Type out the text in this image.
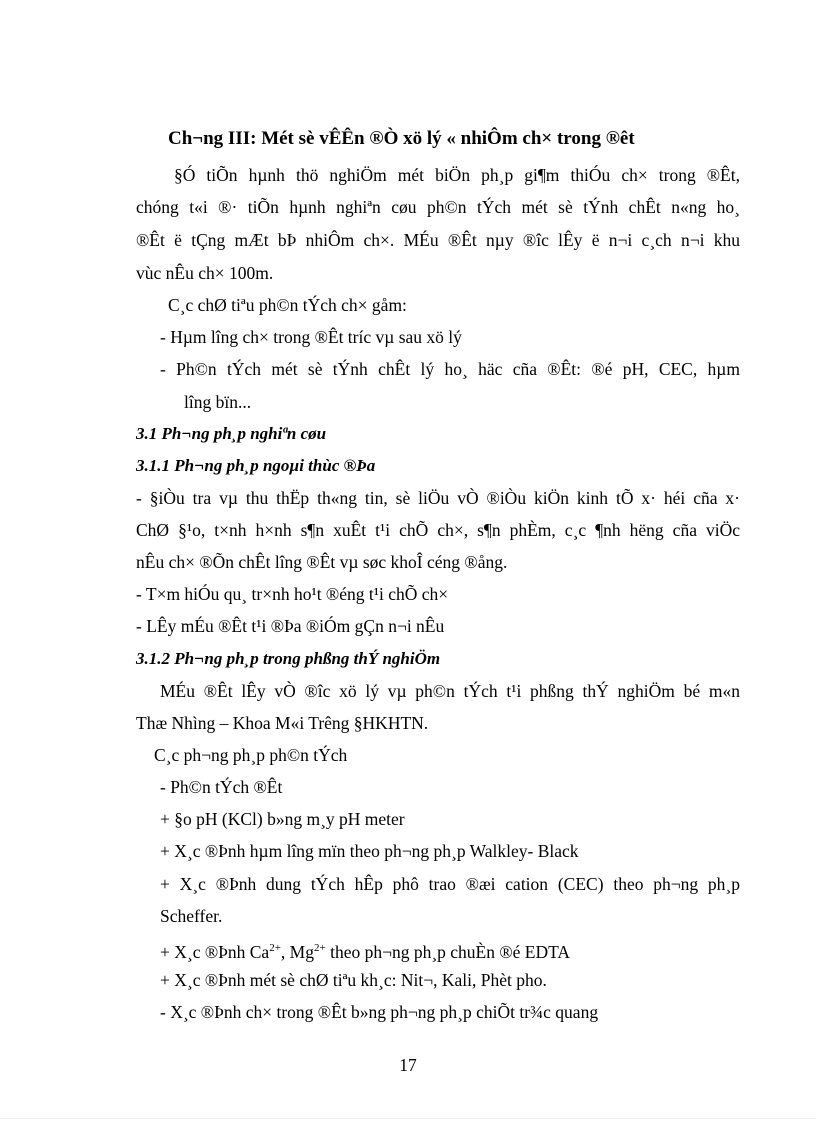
Ch¬ng III: Mét sè vÊÊn ®Ò xö lý « nhiÔm ch× trong ®êt
§Ó tiÕn hµnh thö nghiÖm mét biÖn ph¸p gi¶m thiÓu ch× trong ®Êt,
chóng t«i ®· tiÕn hµnh nghiªn cøu ph©n tÝch mét sè tÝnh chÊt n«ng ho¸
®Êt ë tÇng mÆt bÞ nhiÔm ch×. MÉu ®Êt nµy ®îc lÊy ë n¬i c¸ch n¬i khu
vùc nÊu ch× 100m.
C¸c chØ tiªu ph©n tÝch ch× gåm:
- Hµm lîng ch× trong ®Êt tríc vµ sau xö lý
- Ph©n tÝch mét sè tÝnh chÊt lý ho¸ häc cña ®Êt: ®é pH, CEC, hµm
lîng bïn...
3.1 Ph¬ng ph¸p nghiªn cøu
3.1.1 Ph¬ng ph¸p ngoµi thùc ®Þa
- §iÒu tra vµ thu thËp th«ng tin, sè liÖu vÒ ®iÒu kiÖn kinh tÕ x· héi cña x·
ChØ §¹o, t×nh h×nh s¶n xuÊt t¹i chÕ ch×, s¶n phÈm, c¸c ¶nh hëng cña viÖc
nÊu ch× ®Õn chÊt lîng ®Êt vµ søc khoÎ céng ®ång.
- T×m hiÓu qu¸ tr×nh ho¹t ®éng t¹i chÕ ch×
- LÊy mÉu ®Êt t¹i ®Þa ®iÓm gÇn n¬i nÊu
3.1.2 Ph¬ng ph¸p trong phßng thÝ nghiÖm
MÉu ®Êt lÊy vÒ ®îc xö lý vµ ph©n tÝch t¹i phßng thÝ nghiÖm bé m«n
Thæ Nhìng – Khoa M«i Trêng §HKHTN.
C¸c ph¬ng ph¸p ph©n tÝch
- Ph©n tÝch ®Êt
+ §o pH (KCl) b»ng m¸y pH meter
+ X¸c ®Þnh hµm lîng mïn theo ph¬ng ph¸p Walkley- Black
+ X¸c ®Þnh dung tÝch hÊp phô trao ®æi cation (CEC) theo ph¬ng ph¸p
Scheffer.
+ X¸c ®Þnh $Ca^{2+}$, $Mg^{2+}$ theo ph¬ng ph¸p chuÈn ®é EDTA
+ X¸c ®Þnh mét sè chØ tiªu kh¸c: Nit¬, Kali, Phèt pho.
- X¸c ®Þnh ch× trong ®Êt b»ng ph¬ng ph¸p chiÕt tr¾c quang
17
